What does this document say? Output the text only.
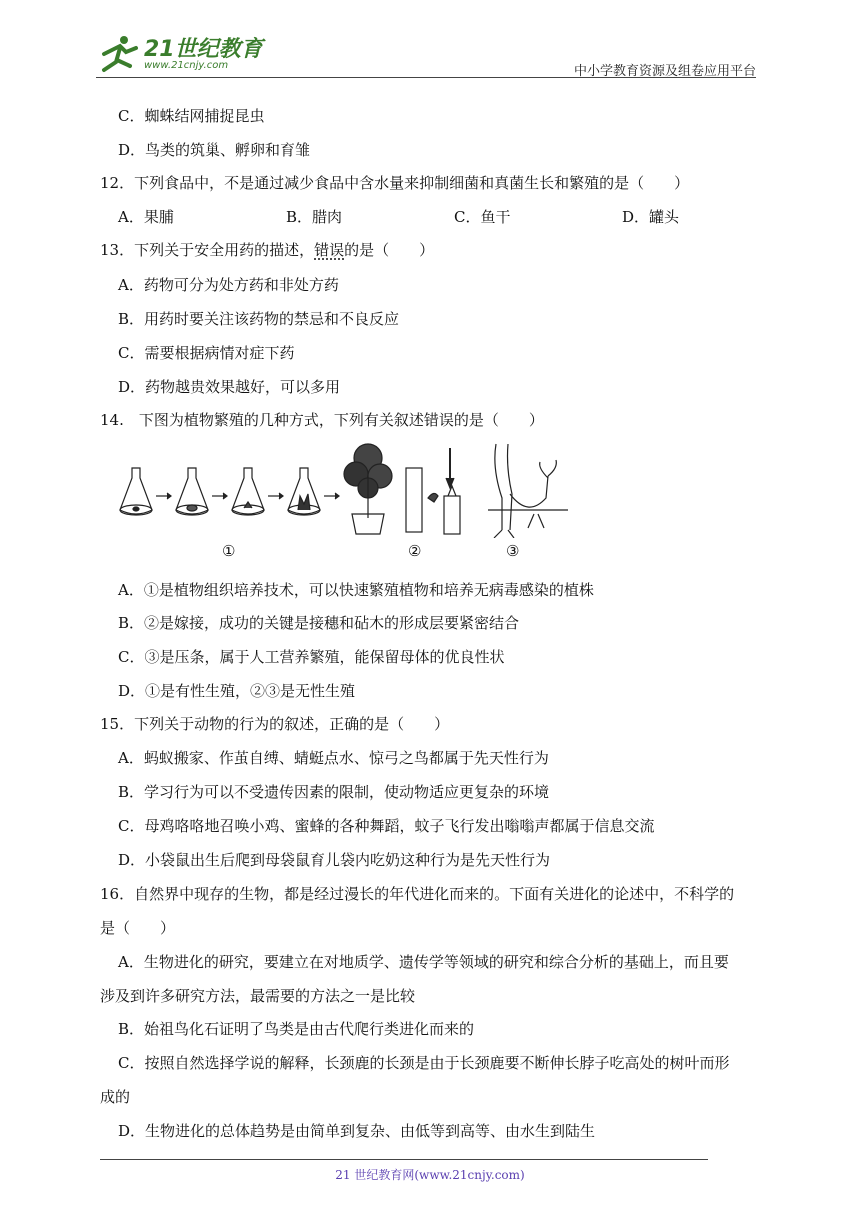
21世纪教育
www.21cnjy.com	中小学教育资源及组卷应用平台
C．蜘蛛结网捕捉昆虫
D．鸟类的筑巢、孵卵和育雏
12．下列食品中，不是通过减少食品中含水量来抑制细菌和真菌生长和繁殖的是（　　）
A．果脯	B．腊肉	C．鱼干	D．罐头
13．下列关于安全用药的描述，错误的是（　　）
A．药物可分为处方药和非处方药
B．用药时要关注该药物的禁忌和不良反应
C．需要根据病情对症下药
D．药物越贵效果越好，可以多用
14.　下图为植物繁殖的几种方式，下列有关叙述错误的是（　　）
①	②	③
A．①是植物组织培养技术，可以快速繁殖植物和培养无病毒感染的植株
B．②是嫁接，成功的关键是接穗和砧木的形成层要紧密结合
C．③是压条，属于人工营养繁殖，能保留母体的优良性状
D．①是有性生殖，②③是无性生殖
15．下列关于动物的行为的叙述，正确的是（　　）
A．蚂蚁搬家、作茧自缚、蜻蜓点水、惊弓之鸟都属于先天性行为
B．学习行为可以不受遗传因素的限制，使动物适应更复杂的环境
C．母鸡咯咯地召唤小鸡、蜜蜂的各种舞蹈，蚊子飞行发出嗡嗡声都属于信息交流
D．小袋鼠出生后爬到母袋鼠育儿袋内吃奶这种行为是先天性行为
16．自然界中现存的生物，都是经过漫长的年代进化而来的。下面有关进化的论述中，不科学的
是（　　）
A．生物进化的研究，要建立在对地质学、遗传学等领域的研究和综合分析的基础上，而且要
涉及到许多研究方法，最需要的方法之一是比较
B．始祖鸟化石证明了鸟类是由古代爬行类进化而来的
C．按照自然选择学说的解释，长颈鹿的长颈是由于长颈鹿要不断伸长脖子吃高处的树叶而形
成的
D．生物进化的总体趋势是由简单到复杂、由低等到高等、由水生到陆生
21 世纪教育网(www.21cnjy.com)
